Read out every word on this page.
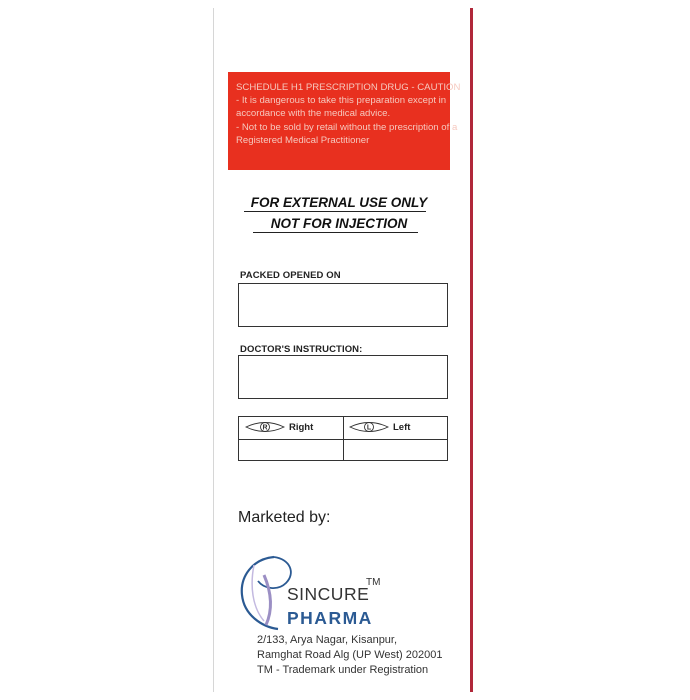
SCHEDULE H1 PRESCRIPTION DRUG - CAUTION
- It is dangerous to take this preparation except in
accordance with the medical advice.
- Not to be sold by retail without the prescription of a
Registered Medical Practitioner
FOR EXTERNAL USE ONLY
NOT FOR INJECTION
PACKED OPENED ON
DOCTOR'S INSTRUCTION:
R Right	L Left
Marketed by:
SINCURE
TM
PHARMA
2/133, Arya Nagar, Kisanpur,
Ramghat Road Alg (UP West) 202001
TM - Trademark under Registration
